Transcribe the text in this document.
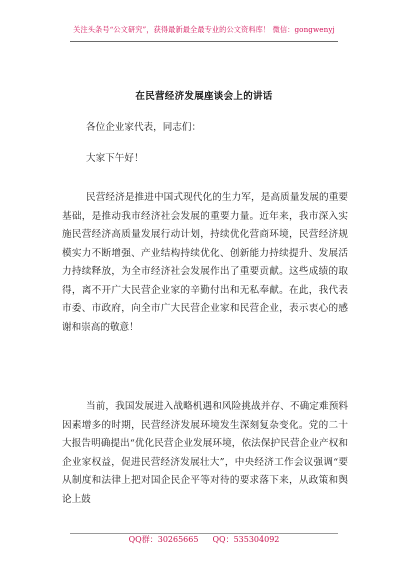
关注头条号“公文研究”，获得最新最全最专业的公文资料库！ 微信：gongwenyj
在民营经济发展座谈会上的讲话

各位企业家代表，同志们：

大家下午好！

民营经济是推进中国式现代化的生力军，是高质量发展的重要基础，是推动我市经济社会发展的重要力量。近年来，我市深入实施民营经济高质量发展行动计划，持续优化营商环境，民营经济规模实力不断增强、产业结构持续优化、创新能力持续提升、发展活力持续释放，为全市经济社会发展作出了重要贡献。这些成绩的取得，离不开广大民营企业家的辛勤付出和无私奉献。在此，我代表市委、市政府，向全市广大民营企业家和民营企业，表示衷心的感谢和崇高的敬意！

当前，我国发展进入战略机遇和风险挑战并存、不确定难预料因素增多的时期，民营经济发展环境发生深刻复杂变化。党的二十大报告明确提出“优化民营企业发展环境，依法保护民营企业产权和企业家权益，促进民营经济发展壮大”，中央经济工作会议强调“要从制度和法律上把对国企民企平等对待的要求落下来，从政策和舆论上鼓

QQ群：30265665 QQ：535304092
